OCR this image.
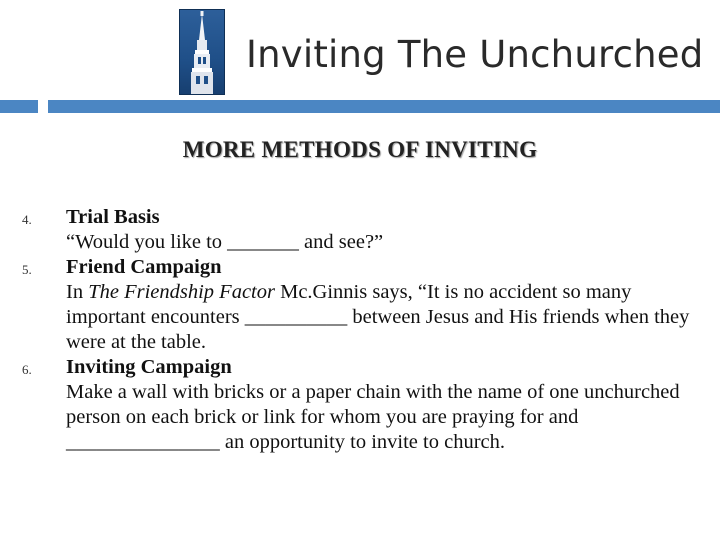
Inviting The Unchurched
MORE METHODS OF INVITING
4. Trial Basis
“Would you like to _______ and see?”
5. Friend Campaign
In The Friendship Factor Mc.Ginnis says, “It is no accident so many important encounters __________ between Jesus and His friends when they were at the table.
6. Inviting Campaign
Make a wall with bricks or a paper chain with the name of one unchurched person on each brick or link for whom you are praying for and _______________ an opportunity to invite to church.
